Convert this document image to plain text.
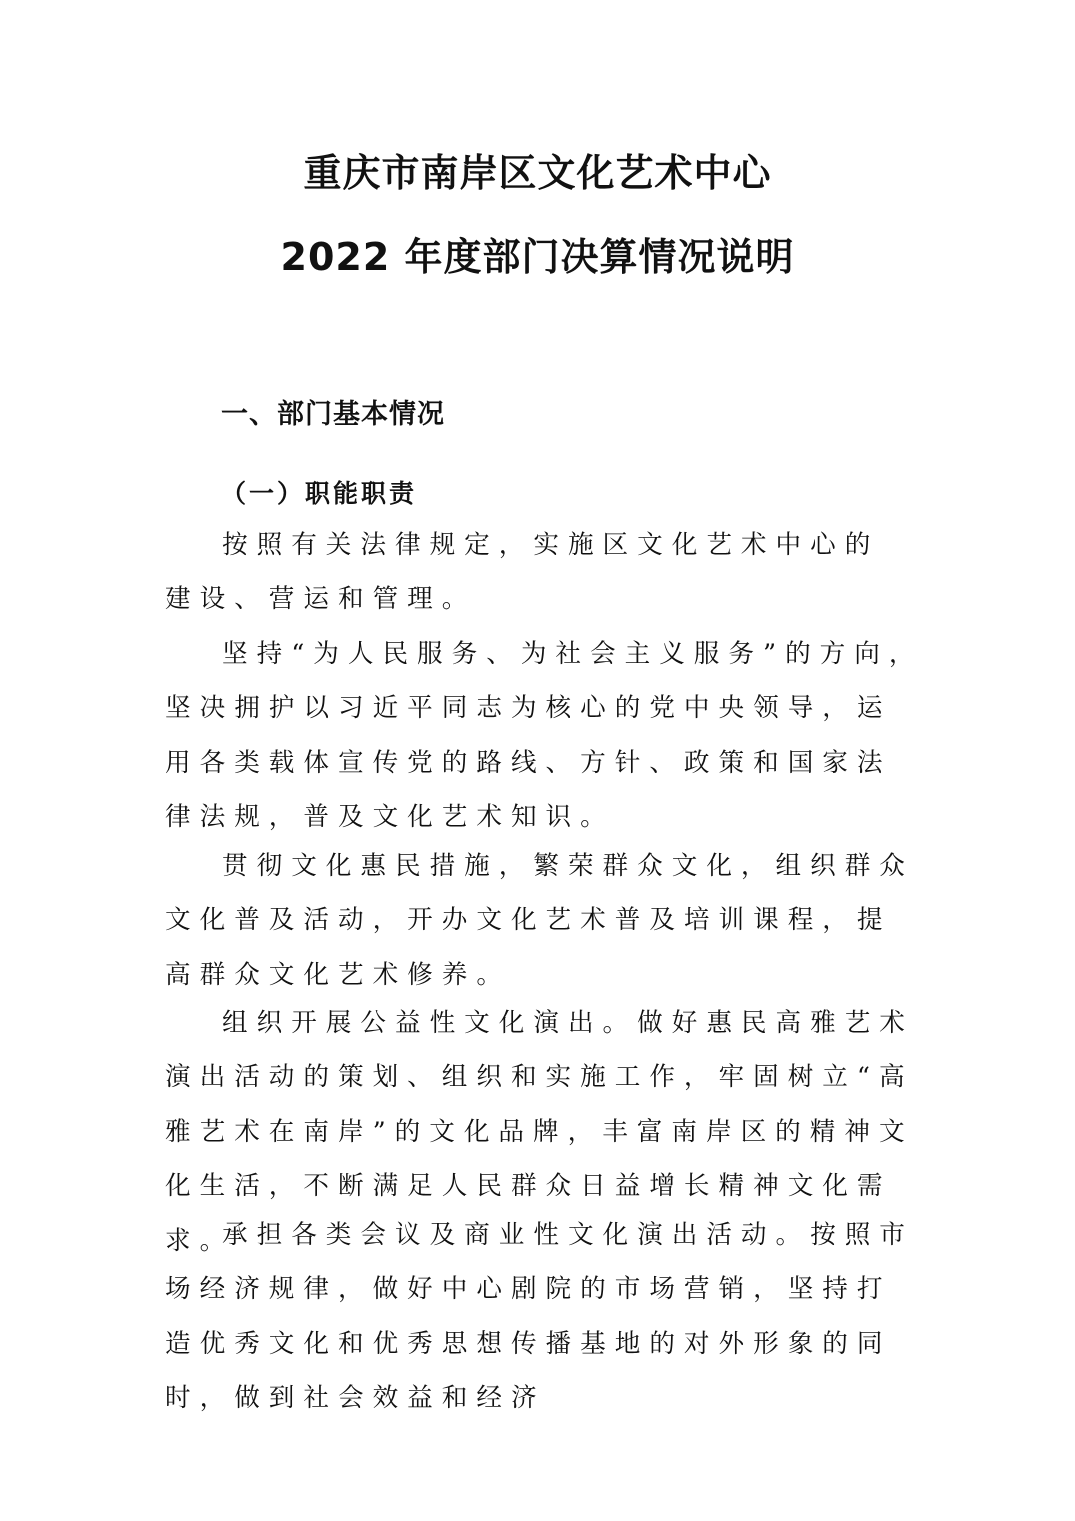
重庆市南岸区文化艺术中心
2022 年度部门决算情况说明
一、部门基本情况
（一）职能职责

按照有关法律规定，实施区文化艺术中心的建设、营运和管理。

坚持“为人民服务、为社会主义服务”的方向，坚决拥护以习近平同志为核心的党中央领导，运用各类载体宣传党的路线、方针、政策和国家法律法规，普及文化艺术知识。

贯彻文化惠民措施，繁荣群众文化，组织群众文化普及活动，开办文化艺术普及培训课程，提高群众文化艺术修养。

组织开展公益性文化演出。做好惠民高雅艺术演出活动的策划、组织和实施工作，牢固树立“高雅艺术在南岸”的文化品牌，丰富南岸区的精神文化生活，不断满足人民群众日益增长精神文化需求。

承担各类会议及商业性文化演出活动。按照市场经济规律，做好中心剧院的市场营销，坚持打造优秀文化和优秀思想传播基地的对外形象的同时，做到社会效益和经济
